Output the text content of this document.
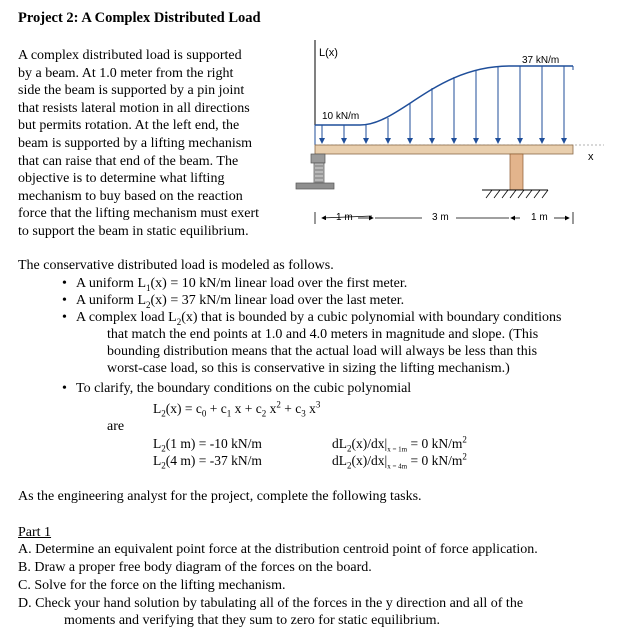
Project 2: A Complex Distributed Load
A complex distributed load is supported
by a beam. At 1.0 meter from the right
side the beam is supported by a pin joint
that resists lateral motion in all directions
but permits rotation. At the left end, the
beam is supported by a lifting mechanism
that can raise that end of the beam. The
objective is to determine what lifting
mechanism to buy based on the reaction
force that the lifting mechanism must exert
to support the beam in static equilibrium.
L(x)
x
10 kN/m
37 kN/m
1 m	3 m	1 m
The conservative distributed load is modeled as follows.
• A uniform $L_1(x) = 10$ kN/m linear load over the first meter.
• A uniform $L_2(x) = 37$ kN/m linear load over the last meter.
• A complex load $L_2(x)$ that is bounded by a cubic polynomial with boundary conditions
that match the end points at 1.0 and 4.0 meters in magnitude and slope. (This
bounding distribution means that the actual load will always be less than this
worst-case load, so this is conservative in sizing the lifting mechanism.)
• To clarify, the boundary conditions on the cubic polynomial
$L_2(x) = c_0 + c_1$ $x + c_2$ $x^2 + c_3$ $x^3$
are
$L_2(1$ m) = -10 kN/m
$L_2(4$ m) = -37 kN/m
$dL_2(x)/dx|_{x = 1m} = 0$ $kN/m^2$
$dL_2(x)/dx|_{x = 4m} = 0$ $kN/m^2$
As the engineering analyst for the project, complete the following tasks.
Part 1
A. Determine an equivalent point force at the distribution centroid point of force application.
B. Draw a proper free body diagram of the forces on the board.
C. Solve for the force on the lifting mechanism.
D. Check your hand solution by tabulating all of the forces in the y direction and all of the
moments and verifying that they sum to zero for static equilibrium.
